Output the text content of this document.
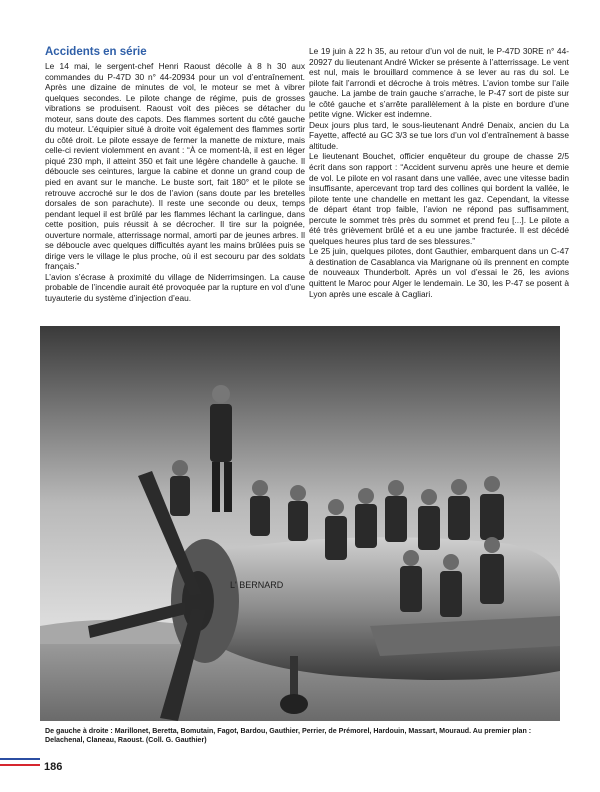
Accidents en série

Le 14 mai, le sergent-chef Henri Raoust décolle à 8 h 30 aux commandes du P-47D 30 n° 44-20934 pour un vol d’entraînement. Après une dizaine de minutes de vol, le moteur se met à vibrer quelques secondes. Le pilote change de régime, puis de grosses vibrations se produisent. Raoust voit des pièces se détacher du moteur, sans doute des capots. Des flammes sortent du côté gauche du moteur. L’équipier situé à droite voit également des flammes sortir du côté droit. Le pilote essaye de fermer la manette de mixture, mais celle-ci revient violemment en avant : “À ce moment-là, il est en léger piqué 230 mph, il atteint 350 et fait une légère chandelle à gauche. Il déboucle ses ceintures, largue la cabine et donne un grand coup de pied en avant sur le manche. Le buste sort, fait 180° et le pilote se retrouve accroché sur le dos de l’avion (sans doute par les bretelles dorsales de son parachute). Il reste une seconde ou deux, temps pendant lequel il est brûlé par les flammes léchant la carlingue, dans cette position, puis réussit à se décrocher. Il tire sur la poignée, ouverture normale, atterrissage normal, amorti par de jeunes arbres. Il se déboucle avec quelques difficultés ayant les mains brûlées puis se dirige vers le village le plus proche, où il est secouru par des soldats français.”

L’avion s’écrase à proximité du village de Niderrimsingen. La cause probable de l’incendie aurait été provoquée par la rupture en vol d’une tuyauterie du système d’injection d’eau.

Le 19 juin à 22 h 35, au retour d’un vol de nuit, le P-47D 30RE n° 44-20927 du lieutenant André Wicker se présente à l’atterrissage. Le vent est nul, mais le brouillard commence à se lever au ras du sol. Le pilote fait l’arrondi et décroche à trois mètres. L’avion tombe sur l’aile gauche. La jambe de train gauche s’arrache, le P-47 sort de piste sur le côté gauche et s’arrête parallèlement à la piste en bordure d’une petite vigne. Wicker est indemne.

Deux jours plus tard, le sous-lieutenant André Denaix, ancien du La Fayette, affecté au GC 3/3 se tue lors d’un vol d’entraînement à basse altitude.

Le lieutenant Bouchet, officier enquêteur du groupe de chasse 2/5 écrit dans son rapport : “Accident survenu après une heure et demie de vol. Le pilote en vol rasant dans une vallée, avec une vitesse badin insuffisante, apercevant trop tard des collines qui bordent la vallée, le pilote tente une chandelle en mettant les gaz. Cependant, la vitesse de départ étant trop faible, l’avion ne répond pas suffisamment, percute le sommet très près du sommet et prend feu [...]. Le pilote a été très grièvement brûlé et a eu une jambe fracturée. Il est décédé quelques heures plus tard de ses blessures.”

Le 25 juin, quelques pilotes, dont Gauthier, embarquent dans un C-47 à destination de Casablanca via Marignane où ils prennent en compte de nouveaux Thunderbolt. Après un vol d’essai le 26, les avions quittent le Maroc pour Alger le lendemain. Le 30, les P-47 se posent à Lyon après une escale à Cagliari.

L' BERNARD
De gauche à droite : Marillonet, Beretta, Bomutain, Fagot, Bardou, Gauthier, Perrier, de Prémorel, Hardouin, Massart, Mouraud. Au premier plan :
Delachenal, Claneau, Raoust. (Coll. G. Gauthier)
186
